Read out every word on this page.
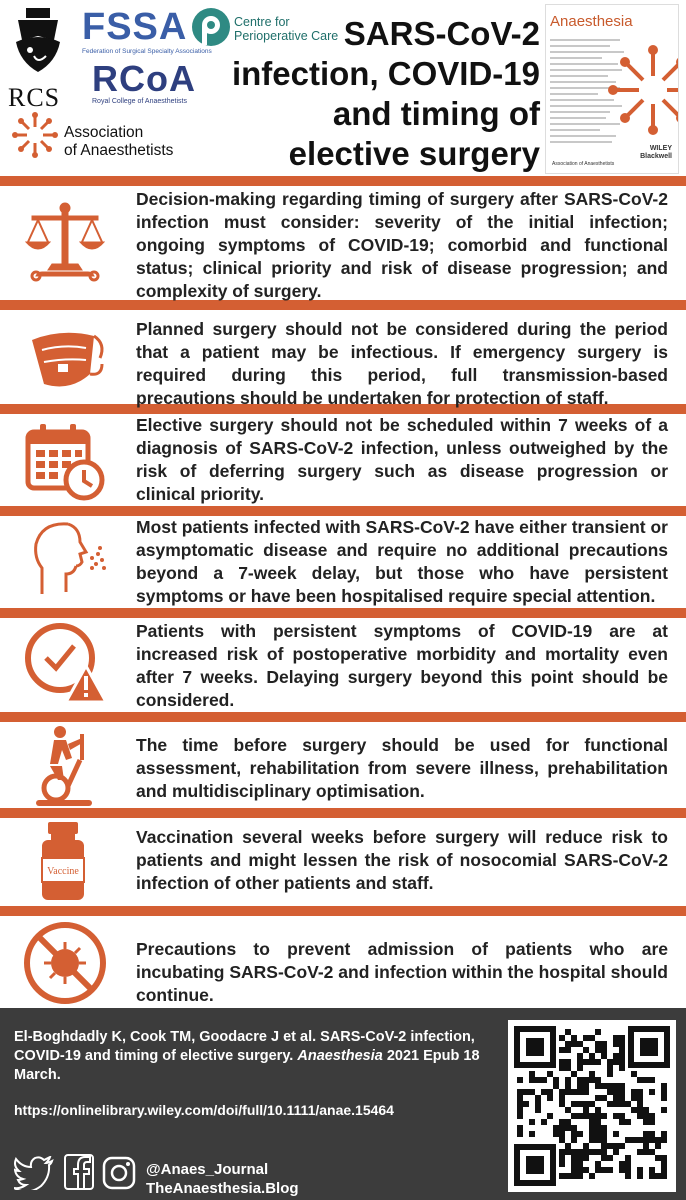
RCS
FSSA
Federation of Surgical Specialty Associations
Centre for
Perioperative Care
RCoA
Royal College of Anaesthetists
Association
of Anaesthetists
SARS-CoV-2
infection, COVID-19
and timing of
elective surgery
Anaesthesia
WILEY
Blackwell
Association of Anaesthetists
Decision-making regarding timing of surgery after SARS-CoV-2 infection must consider: severity of the initial infection; ongoing symptoms of COVID-19; comorbid and functional status; clinical priority and risk of disease progression; and complexity of surgery.
Planned surgery should not be considered during the period that a patient may be infectious. If emergency surgery is required during this period, full transmission-based precautions should be undertaken for protection of staff.
Elective surgery should not be scheduled within 7 weeks of a diagnosis of SARS-CoV-2 infection, unless outweighed by the risk of deferring surgery such as disease progression or clinical priority.
Most patients infected with SARS-CoV-2 have either transient or asymptomatic disease and require no additional precautions beyond a 7-week delay, but those who have persistent symptoms or have been hospitalised require special attention.
Patients with persistent symptoms of COVID-19 are at increased risk of postoperative morbidity and mortality even after 7 weeks. Delaying surgery beyond this point should be considered.
The time before surgery should be used for functional assessment, rehabilitation from severe illness, prehabilitation and multidisciplinary optimisation.
Vaccine
Vaccination several weeks before surgery will reduce risk to patients and might lessen the risk of nosocomial SARS-CoV-2 infection of other patients and staff.
Precautions to prevent admission of patients who are incubating SARS-CoV-2 and infection within the hospital should continue.
El-Boghdadly K, Cook TM, Goodacre J et al. SARS-CoV-2 infection, COVID-19 and timing of elective surgery. Anaesthesia 2021 Epub 18 March.
https://onlinelibrary.wiley.com/doi/full/10.1111/anae.15464
@Anaes_Journal
TheAnaesthesia.Blog
